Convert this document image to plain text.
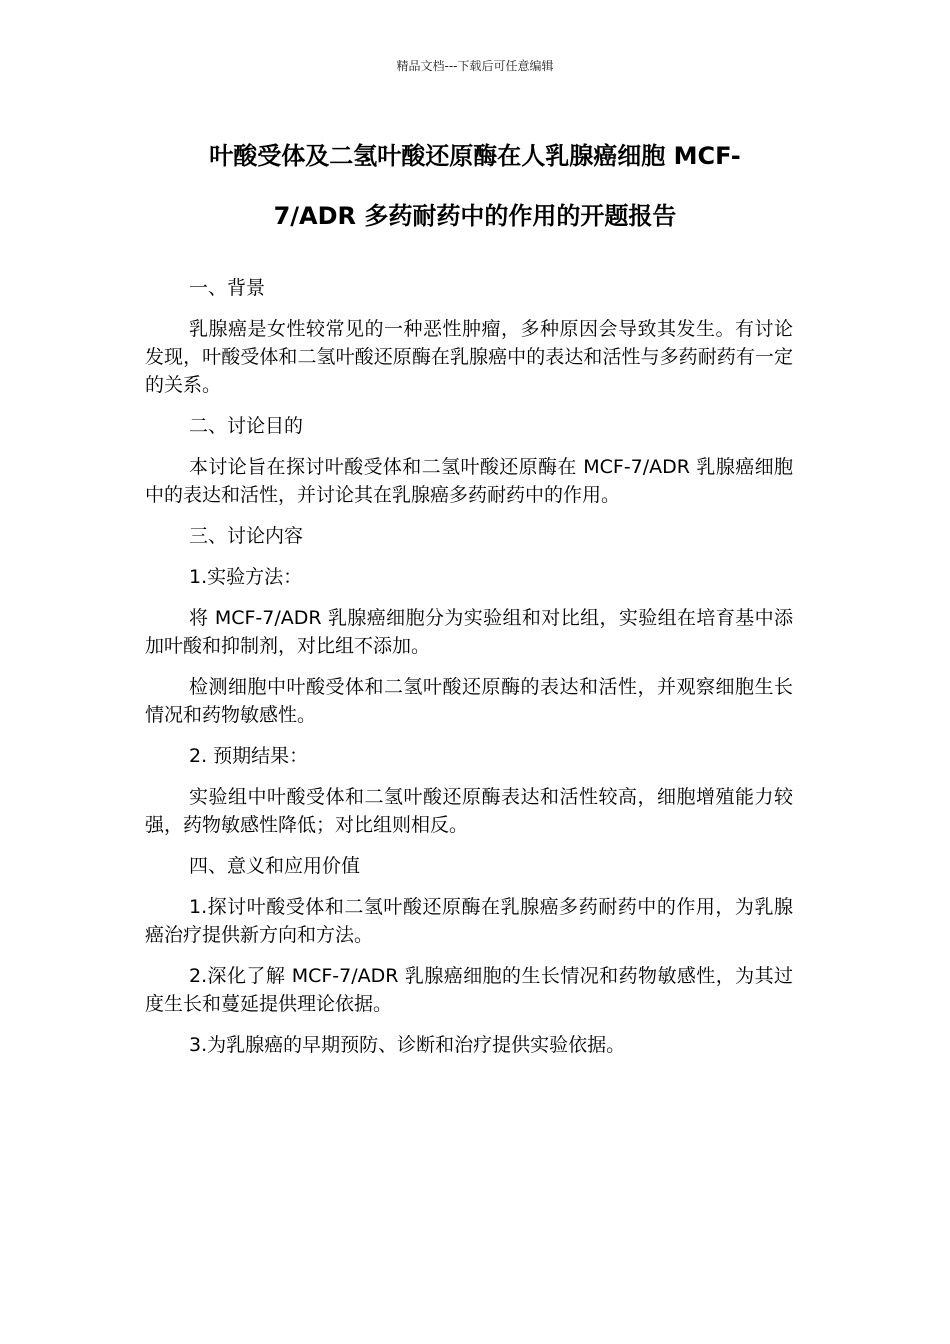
精品文档---下载后可任意编辑
叶酸受体及二氢叶酸还原酶在人乳腺癌细胞 MCF-
7/ADR 多药耐药中的作用的开题报告

一、背景

乳腺癌是女性较常见的一种恶性肿瘤，多种原因会导致其发生。有讨论发现，叶酸受体和二氢叶酸还原酶在乳腺癌中的表达和活性与多药耐药有一定的关系。

二、讨论目的

本讨论旨在探讨叶酸受体和二氢叶酸还原酶在 MCF-7/ADR 乳腺癌细胞中的表达和活性，并讨论其在乳腺癌多药耐药中的作用。

三、讨论内容

1.实验方法：

将 MCF-7/ADR 乳腺癌细胞分为实验组和对比组，实验组在培育基中添加叶酸和抑制剂，对比组不添加。

检测细胞中叶酸受体和二氢叶酸还原酶的表达和活性，并观察细胞生长情况和药物敏感性。

2. 预期结果：

实验组中叶酸受体和二氢叶酸还原酶表达和活性较高，细胞增殖能力较强，药物敏感性降低；对比组则相反。

四、意义和应用价值

1.探讨叶酸受体和二氢叶酸还原酶在乳腺癌多药耐药中的作用，为乳腺癌治疗提供新方向和方法。

2.深化了解 MCF-7/ADR 乳腺癌细胞的生长情况和药物敏感性，为其过度生长和蔓延提供理论依据。

3.为乳腺癌的早期预防、诊断和治疗提供实验依据。
